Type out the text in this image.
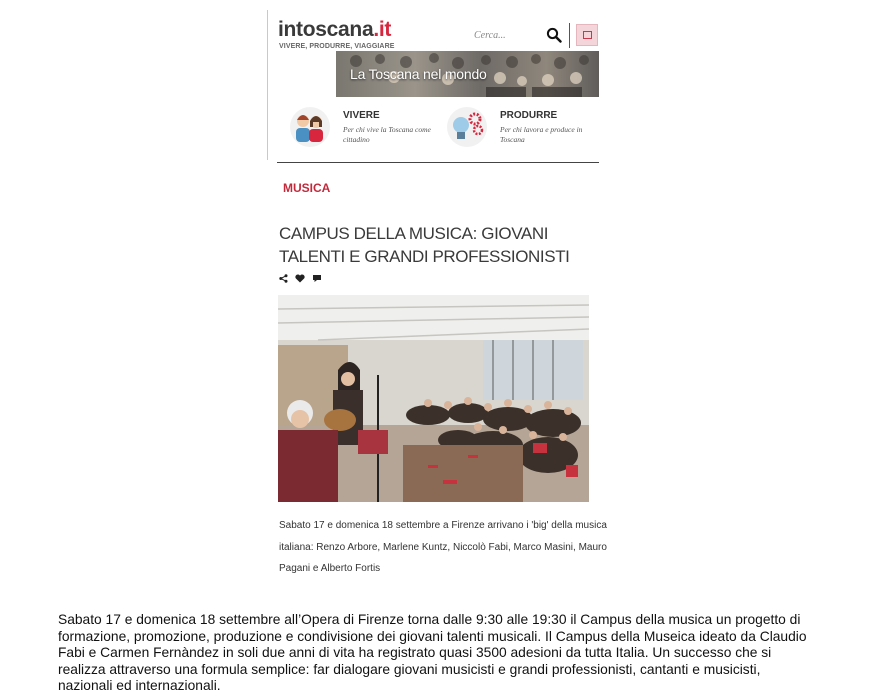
intoscana.it
VIVERE, PRODURRE, VIAGGIARE
Cerca...
La Toscana nel mondo
VIVERE
Per chi vive la Toscana come cittadino
PRODURRE
Per chi lavora e produce in Toscana
MUSICA
CAMPUS DELLA MUSICA: GIOVANI TALENTI E GRANDI PROFESSIONISTI
Sabato 17 e domenica 18 settembre a Firenze arrivano i 'big' della musica italiana: Renzo Arbore, Marlene Kuntz, Niccolò Fabi, Marco Masini, Mauro Pagani e Alberto Fortis
Sabato 17 e domenica 18 settembre all’Opera di Firenze torna dalle 9:30 alle 19:30 il Campus della musica un progetto di formazione, promozione, produzione e condivisione dei giovani talenti musicali. Il Campus della Museica ideato da Claudio Fabi e Carmen Fernàndez in soli due anni di vita ha registrato quasi 3500 adesioni da tutta Italia. Un successo che si realizza attraverso una formula semplice: far dialogare giovani musicisti e grandi professionisti, cantanti e musicisti, nazionali ed internazionali.
